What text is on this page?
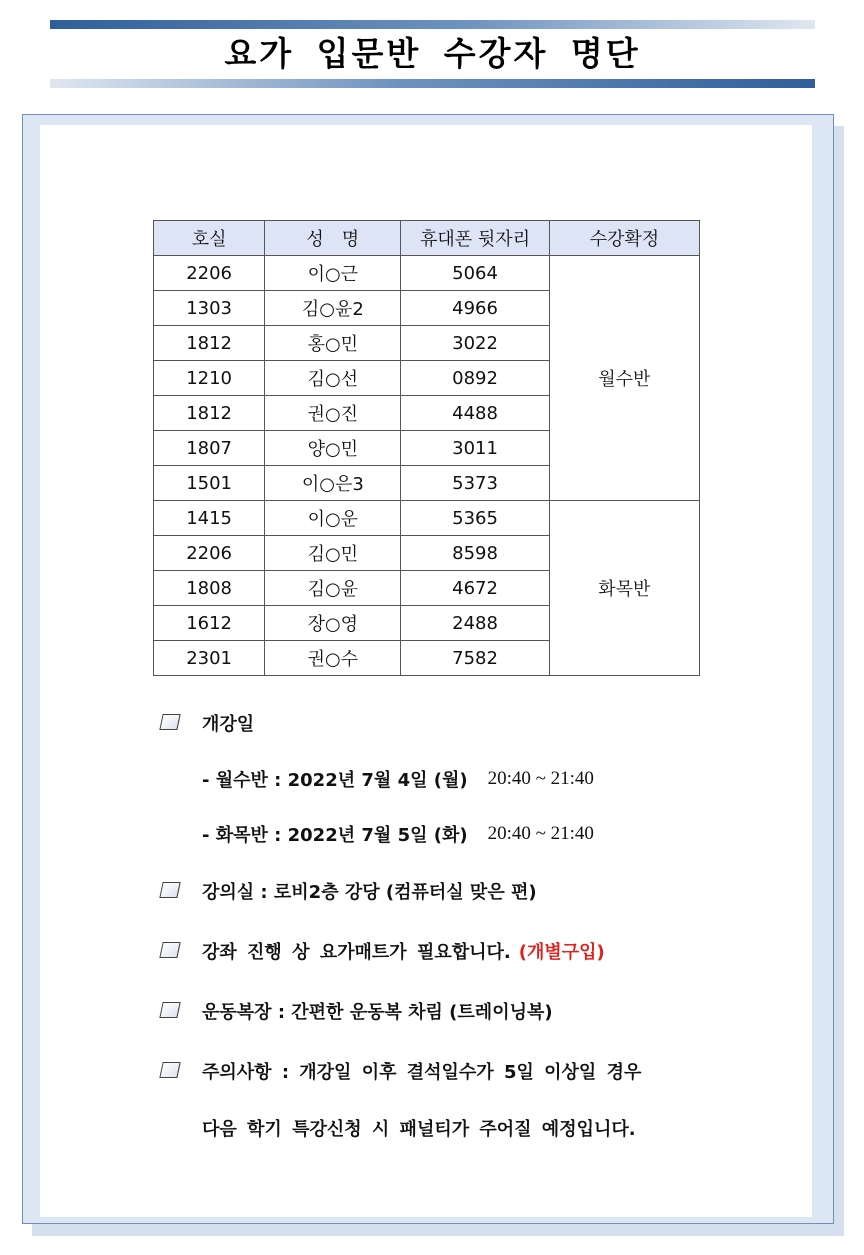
요가 입문반 수강자 명단
호실	성　명	휴대폰 뒷자리	수강확정
2206	이○근	5064	월수반
1303	김○윤2	4966	
1812	홍○민	3022	
1210	김○선	0892	
1812	권○진	4488	
1807	양○민	3011	
1501	이○은3	5373	
1415	이○운	5365	화목반
2206	김○민	8598	
1808	김○윤	4672	
1612	장○영	2488	
2301	권○수	7582	
개강일
- 월수반 : 2022년 7월 4일 (월) 20:40 ~ 21:40
- 화목반 : 2022년 7월 5일 (화) 20:40 ~ 21:40
강의실 : 로비2층 강당 (컴퓨터실 맞은 편)
강좌 진행 상 요가매트가 필요합니다. (개별구입)
운동복장 : 간편한 운동복 차림 (트레이닝복)
주의사항 : 개강일 이후 결석일수가 5일 이상일 경우
다음 학기 특강신청 시 패널티가 주어질 예정입니다.
